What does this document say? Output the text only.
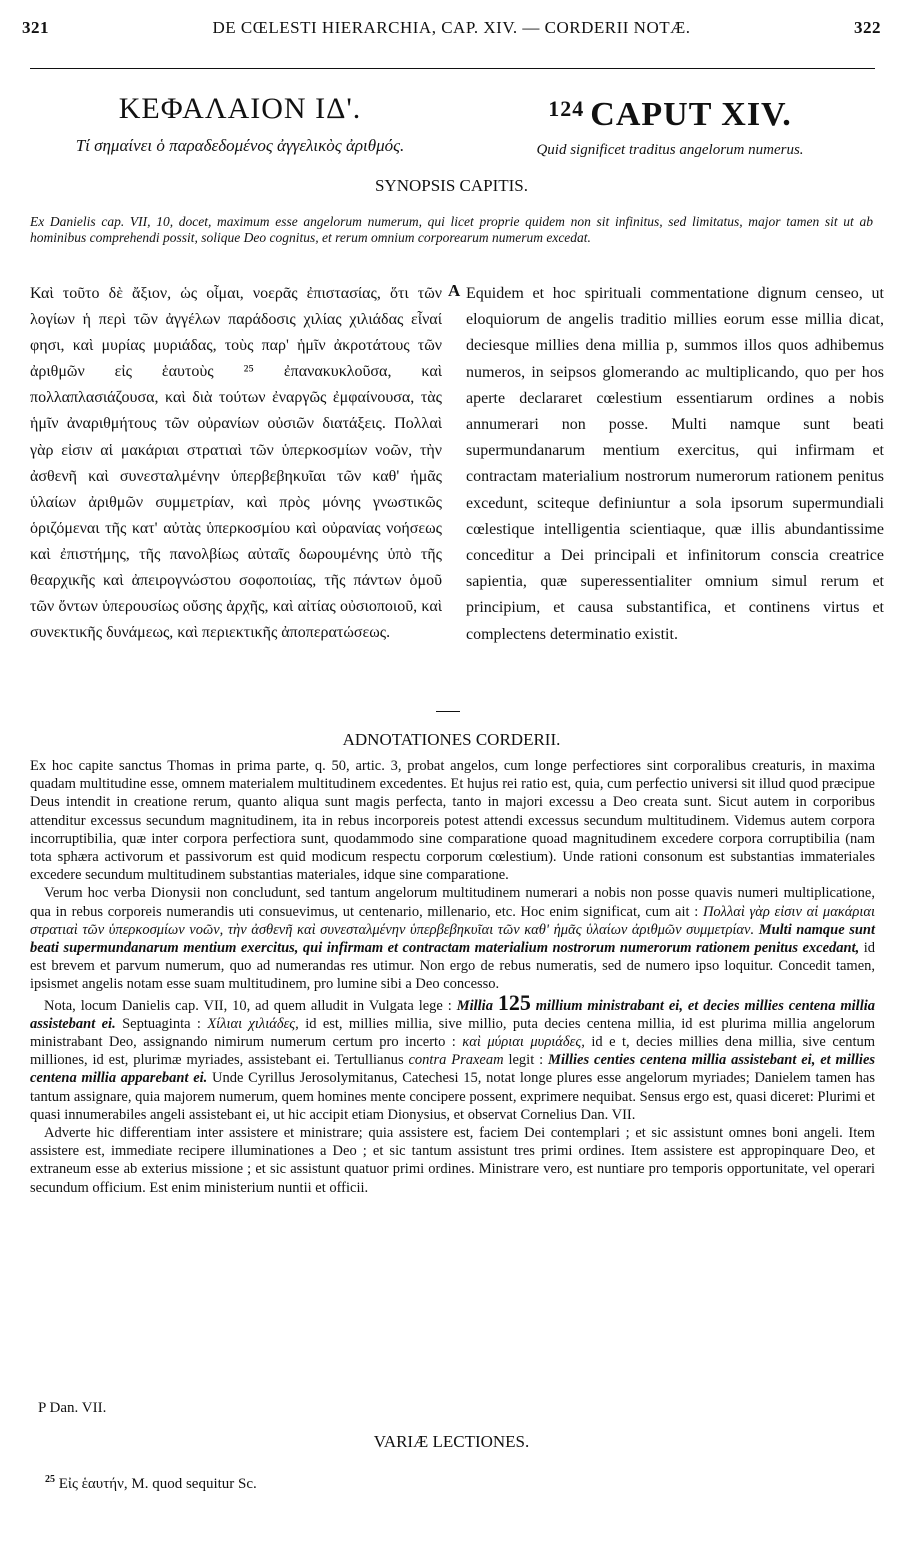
321	DE CŒLESTI HIERARCHIA, CAP. XIV. — CORDERII NOTÆ.	322
ΚΕΦΑΛΑΙΟΝ ΙΔ'.	$^{124}$ CAPUT XIV.
Τί σημαίνει ὁ παραδεδομένος ἀγγελικὸς ἀριθμός.	Quid significet traditus angelorum numerus.
SYNOPSIS CAPITIS.
Ex Danielis cap. VII, 10, docet, maximum esse angelorum numerum, qui licet proprie quidem non sit infinitus, sed limitatus, major tamen sit ut ab hominibus comprehendi possit, solique Deo cognitus, et rerum omnium corporearum numerum excedat.
Καὶ τοῦτο δὲ ἄξιον, ὡς οἶμαι, νοερᾶς ἐπιστασίας, ὅτι τῶν λογίων ἡ περὶ τῶν ἀγγέλων παράδοσις χιλίας χιλιάδας εἶναί φησι, καὶ μυρίας μυριάδας, τοὺς παρ' ἡμῖν ἀκροτάτους τῶν ἀριθμῶν εἰς ἑαυτοὺς ²⁵ ἐπανακυκλοῦσα, καὶ πολλαπλασιάζουσα, καὶ διὰ τούτων ἐναργῶς ἐμφαίνουσα, τὰς ἡμῖν ἀναριθμήτους τῶν οὐρανίων οὐσιῶν διατάξεις. Πολλαὶ γὰρ εἰσιν αἱ μακάριαι στρατιαὶ τῶν ὑπερκοσμίων νοῶν, τὴν ἀσθενῆ καὶ συνεσταλμένην ὑπερβεβηκυῖαι τῶν καθ' ἡμᾶς ὑλαίων ἀριθμῶν συμμετρίαν, καὶ πρὸς μόνης γνωστικῶς ὁριζόμεναι τῆς κατ' αὐτὰς ὑπερκοσμίου καὶ οὐρανίας νοήσεως καὶ ἐπιστήμης, τῆς πανολβίως αὐταῖς δωρουμένης ὑπὸ τῆς θεαρχικῆς καὶ ἀπειρογνώστου σοφοποιίας, τῆς πάντων ὁμοῦ τῶν ὄντων ὑπερουσίως οὔσης ἀρχῆς, καὶ αἰτίας οὐσιοποιοῦ, καὶ συνεκτικῆς δυνάμεως, καὶ περιεκτικῆς ἀποπερατώσεως.
A Equidem et hoc spirituali commentatione dignum censeo, ut eloquiorum de angelis traditio millies eorum esse millia dicat, deciesque millies dena millia p, summos illos quos adhibemus numeros, in seipsos glomerando ac multiplicando, quo per hos aperte declararet cœlestium essentiarum ordines a nobis annumerari non posse. Multi namque sunt beati supermundanarum mentium exercitus, qui infirmam et contractam materialium nostrorum numerorum rationem penitus excedunt, sciteque definiuntur a sola ipsorum supermundiali cœlestique intelligentia scientiaque, quæ illis abundantissime conceditur a Dei principali et infinitorum conscia creatrice sapientia, quæ superessentialiter omnium simul rerum et principium, et causa substantifica, et continens virtus et complectens determinatio existit.
ADNOTATIONES CORDERII.

Ex hoc capite sanctus Thomas in prima parte, q. 50, artic. 3, probat angelos, cum longe perfectiores sint corporalibus creaturis, in maxima quadam multitudine esse, omnem materialem multitudinem excedentes. Et hujus rei ratio est, quia, cum perfectio universi sit illud quod præcipue Deus intendit in creatione rerum, quanto aliqua sunt magis perfecta, tanto in majori excessu a Deo creata sunt. Sicut autem in corporibus attenditur excessus secundum magnitudinem, ita in rebus incorporeis potest attendi excessus secundum multitudinem. Videmus autem corpora incorruptibilia, quæ inter corpora perfectiora sunt, quodammodo sine comparatione quoad magnitudinem excedere corpora corruptibilia (nam tota sphæra activorum et passivorum est quid modicum respectu corporum cœlestium). Unde rationi consonum est substantias immateriales excedere secundum multitudinem substantias materiales, idque sine comparatione.

Verum hoc verba Dionysii non concludunt, sed tantum angelorum multitudinem numerari a nobis non posse quavis numeri multiplicatione, qua in rebus corporeis numerandis uti consuevimus, ut centenario, millenario, etc. Hoc enim significat, cum ait : Πολλαὶ γὰρ εἰσιν αἱ μακάριαι στρατιαὶ τῶν ὑπερκοσμίων νοῶν, τὴν ἀσθενῆ καὶ συνεσταλμένην ὑπερβεβηκυῖαι τῶν καθ' ἡμᾶς ὑλαίων ἀριθμῶν συμμετρίαν. Multi namque sunt beati supermundanarum mentium exercitus, qui infirmam et contractam materialium nostrorum numerorum rationem penitus excedant, id est brevem et parvum numerum, quo ad numerandas res utimur. Non ergo de rebus numeratis, sed de numero ipso loquitur. Concedit tamen, ipsismet angelis notam esse suam multitudinem, pro lumine sibi a Deo concesso.

Nota, locum Danielis cap. VII, 10, ad quem alludit in Vulgata lege : Millia 125 millium ministrabant ei, et decies millies centena millia assistebant ei. Septuaginta : Χίλιαι χιλιάδες, id est, millies millia, sive millio, puta decies centena millia, id est plurima millia angelorum ministrabant Deo, assignando nimirum numerum certum pro incerto : καὶ μύριαι μυριάδες, id e t, decies millies dena millia, sive centum milliones, id est, plurimæ myriades, assistebant ei. Tertullianus contra Praxeam legit : Millies centies centena millia assistebant ei, et millies centena millia apparebant ei. Unde Cyrillus Jerosolymitanus, Catechesi 15, notat longe plures esse angelorum myriades; Danielem tamen has tantum assignare, quia majorem numerum, quem homines mente concipere possent, exprimere nequibat. Sensus ergo est, quasi diceret: Plurimi et quasi innumerabiles angeli assistebant ei, ut hic accipit etiam Dionysius, et observat Cornelius Dan. VII.

Adverte hic differentiam inter assistere et ministrare; quia assistere est, faciem Dei contemplari ; et sic assistunt omnes boni angeli. Item assistere est, immediate recipere illuminationes a Deo ; et sic tantum assistunt tres primi ordines. Item assistere est appropinquare Deo, et extraneum esse ab exterius missione ; et sic assistunt quatuor primi ordines. Ministrare vero, est nuntiare pro temporis opportunitate, vel operari secundum officium. Est enim ministerium nuntii et officii.

P Dan. VII.
VARIÆ LECTIONES.
$^{25}$ Εἰς ἑαυτήν, M. quod sequitur Sc.
